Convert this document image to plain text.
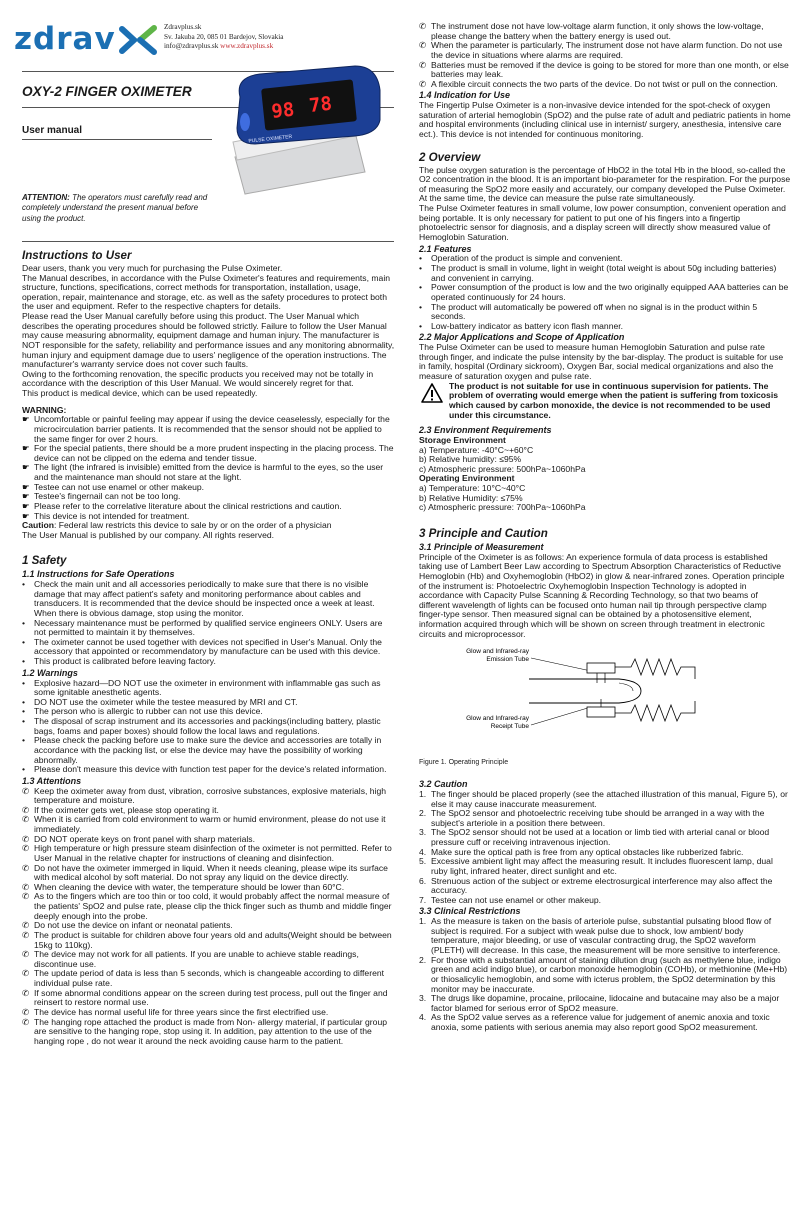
zdrav	Zdravplus.sk
Sv. Jakuba 20, 085 01 Bardejov, Slovakia
info@zdravplus.sk www.zdravplus.sk
OXY-2 FINGER OXIMETER
User manual
98 78
PULSE OXIMETER
ATTENTION: The operators must carefully read and completely understand the present manual before using the product.
Instructions to User

Dear users, thank you very much for purchasing the Pulse Oximeter.

The Manual describes, in accordance with the Pulse Oximeter's features and requirements, main structure, functions, specifications, correct methods for transportation, installation, usage, operation, repair, maintenance and storage, etc. as well as the safety procedures to protect both the user and equipment. Refer to the respective chapters for details.

Please read the User Manual carefully before using this product. The User Manual which describes the operating procedures should be followed strictly. Failure to follow the User Manual may cause measuring abnormality, equipment damage and human injury. The manufacturer is NOT responsible for the safety, reliability and performance issues and any monitoring abnormality, human injury and equipment damage due to users' negligence of the operation instructions. The manufacturer's warranty service does not cover such faults.

Owing to the forthcoming renovation, the specific products you received may not be totally in accordance with the description of this User Manual. We would sincerely regret for that.

This product is medical device, which can be used repeatedly.

WARNING:

☛ Uncomfortable or painful feeling may appear if using the device ceaselessly, especially for the microcirculation barrier patients. It is recommended that the sensor should not be applied to the same finger for over 2 hours.
☛ For the special patients, there should be a more prudent inspecting in the placing process. The device can not be clipped on the edema and tender tissue.
☛ The light (the infrared is invisible) emitted from the device is harmful to the eyes, so the user and the maintenance man should not stare at the light.
☛ Testee can not use enamel or other makeup.
☛ Testee's fingernail can not be too long.
☛ Please refer to the correlative literature about the clinical restrictions and caution.
☛ This device is not intended for treatment.

Caution: Federal law restricts this device to sale by or on the order of a physician

The User Manual is published by our company. All rights reserved.

1 Safety
1.1 Instructions for Safe Operations
• Check the main unit and all accessories periodically to make sure that there is no visible damage that may affect patient's safety and monitoring performance about cables and transducers. It is recommended that the device should be inspected once a week at least. When there is obvious damage, stop using the monitor.
• Necessary maintenance must be performed by qualified service engineers ONLY. Users are not permitted to maintain it by themselves.
• The oximeter cannot be used together with devices not specified in User's Manual. Only the accessory that appointed or recommendatory by manufacture can be used with this device.
• This product is calibrated before leaving factory.
1.2 Warnings
• Explosive hazard—DO NOT use the oximeter in environment with inflammable gas such as some ignitable anesthetic agents.
• DO NOT use the oximeter while the testee measured by MRI and CT.
• The person who is allergic to rubber can not use this device.
• The disposal of scrap instrument and its accessories and packings(including battery, plastic bags, foams and paper boxes) should follow the local laws and regulations.
• Please check the packing before use to make sure the device and accessories are totally in accordance with the packing list, or else the device may have the possibility of working abnormally.
• Please don't measure this device with function test paper for the device's related information.
1.3 Attentions
✆ Keep the oximeter away from dust, vibration, corrosive substances, explosive materials, high temperature and moisture.
✆ If the oximeter gets wet, please stop operating it.
✆ When it is carried from cold environment to warm or humid environment, please do not use it immediately.
✆ DO NOT operate keys on front panel with sharp materials.
✆ High temperature or high pressure steam disinfection of the oximeter is not permitted. Refer to User Manual in the relative chapter for instructions of cleaning and disinfection.
✆ Do not have the oximeter immerged in liquid. When it needs cleaning, please wipe its surface with medical alcohol by soft material. Do not spray any liquid on the device directly.
✆ When cleaning the device with water, the temperature should be lower than 60°C.
✆ As to the fingers which are too thin or too cold, it would probably affect the normal measure of the patients' SpO2 and pulse rate, please clip the thick finger such as thumb and middle finger deeply enough into the probe.
✆ Do not use the device on infant or neonatal patients.
✆ The product is suitable for children above four years old and adults(Weight should be between 15kg to 110kg).
✆ The device may not work for all patients. If you are unable to achieve stable readings, discontinue use.
✆ The update period of data is less than 5 seconds, which is changeable according to different individual pulse rate.
✆ If some abnormal conditions appear on the screen during test process, pull out the finger and reinsert to restore normal use.
✆ The device has normal useful life for three years since the first electrified use.
✆ The hanging rope attached the product is made from Non- allergy material, if particular group are sensitive to the hanging rope, stop using it. In addition, pay attention to the use of the hanging rope , do not wear it around the neck avoiding cause harm to the patient.
✆ The instrument dose not have low-voltage alarm function, it only shows the low-voltage, please change the battery when the battery energy is used out.
✆ When the parameter is particularly, The instrument dose not have alarm function. Do not use the device in situations where alarms are required.
✆ Batteries must be removed if the device is going to be stored for more than one month, or else batteries may leak.
✆ A flexible circuit connects the two parts of the device. Do not twist or pull on the connection.
1.4 Indication for Use

The Fingertip Pulse Oximeter is a non-invasive device intended for the spot-check of oxygen saturation of arterial hemoglobin (SpO2) and the pulse rate of adult and pediatric patients in home and hospital environments (including clinical use in internist/ surgery, anesthesia, intensive care ect.). This device is not intended for continuous monitoring.

2 Overview

The pulse oxygen saturation is the percentage of HbO2 in the total Hb in the blood, so-called the O2 concentration in the blood. It is an important bio-parameter for the respiration. For the purpose of measuring the SpO2 more easily and accurately, our company developed the Pulse Oximeter.

At the same time, the device can measure the pulse rate simultaneously.

The Pulse Oximeter features in small volume, low power consumption, convenient operation and being portable. It is only necessary for patient to put one of his fingers into a fingertip photoelectric sensor for diagnosis, and a display screen will directly show measured value of Hemoglobin Saturation.

2.1 Features
• Operation of the product is simple and convenient.
• The product is small in volume, light in weight (total weight is about 50g including batteries) and convenient in carrying.
• Power consumption of the product is low and the two originally equipped AAA batteries can be operated continuously for 24 hours.
• The product will automatically be powered off when no signal is in the product within 5 seconds.
• Low-battery indicator as battery icon flash manner.
2.2 Major Applications and Scope of Application

The Pulse Oximeter can be used to measure human Hemoglobin Saturation and pulse rate through finger, and indicate the pulse intensity by the bar-display. The product is suitable for use in family, hospital (Ordinary sickroom), Oxygen Bar, social medical organizations and also the measure of saturation oxygen and pulse rate.

The product is not suitable for use in continuous supervision for patients. The problem of overrating would emerge when the patient is suffering from toxicosis which caused by carbon monoxide, the device is not recommended to be used under this circumstance.
2.3 Environment Requirements

Storage Environment

a) Temperature: -40°C~+60°C

b) Relative humidity: ≤95%

c) Atmospheric pressure: 500hPa~1060hPa

Operating Environment

a) Temperature: 10°C~40°C

b) Relative Humidity: ≤75%

c) Atmospheric pressure: 700hPa~1060hPa

3 Principle and Caution
3.1 Principle of Measurement

Principle of the Oximeter is as follows: An experience formula of data process is established taking use of Lambert Beer Law according to Spectrum Absorption Characteristics of Reductive Hemoglobin (Hb) and Oxyhemoglobin (HbO2) in glow & near-infrared zones. Operation principle of the instrument is: Photoelectric Oxyhemoglobin Inspection Technology is adopted in accordance with Capacity Pulse Scanning & Recording Technology, so that two beams of different wavelength of lights can be focused onto human nail tip through perspective clamp finger-type sensor. Then measured signal can be obtained by a photosensitive element, information acquired through which will be shown on screen through treatment in electronic circuits and microprocessor.

Glow and Infrared-ray
Emission Tube
Glow and Infrared-ray
Receipt Tube

Figure 1. Operating Principle

3.2 Caution
1. The finger should be placed properly (see the attached illustration of this manual, Figure 5), or else it may cause inaccurate measurement.
2. The SpO2 sensor and photoelectric receiving tube should be arranged in a way with the subject's arteriole in a position there between.
3. The SpO2 sensor should not be used at a location or limb tied with arterial canal or blood pressure cuff or receiving intravenous injection.
4. Make sure the optical path is free from any optical obstacles like rubberized fabric.
5. Excessive ambient light may affect the measuring result. It includes fluorescent lamp, dual ruby light, infrared heater, direct sunlight and etc.
6. Strenuous action of the subject or extreme electrosurgical interference may also affect the accuracy.
7. Testee can not use enamel or other makeup.
3.3 Clinical Restrictions
1. As the measure is taken on the basis of arteriole pulse, substantial pulsating blood flow of subject is required. For a subject with weak pulse due to shock, low ambient/ body temperature, major bleeding, or use of vascular contracting drug, the SpO2 waveform (PLETH) will decrease. In this case, the measurement will be more sensitive to interference.
2. For those with a substantial amount of staining dilution drug (such as methylene blue, indigo green and acid indigo blue), or carbon monoxide hemoglobin (COHb), or methionine (Me+Hb) or thiosalicylic hemoglobin, and some with icterus problem, the SpO2 determination by this monitor may be inaccurate.
3. The drugs like dopamine, procaine, prilocaine, lidocaine and butacaine may also be a major factor blamed for serious error of SpO2 measure.
4. As the SpO2 value serves as a reference value for judgement of anemic anoxia and toxic anoxia, some patients with serious anemia may also report good SpO2 measurement.
